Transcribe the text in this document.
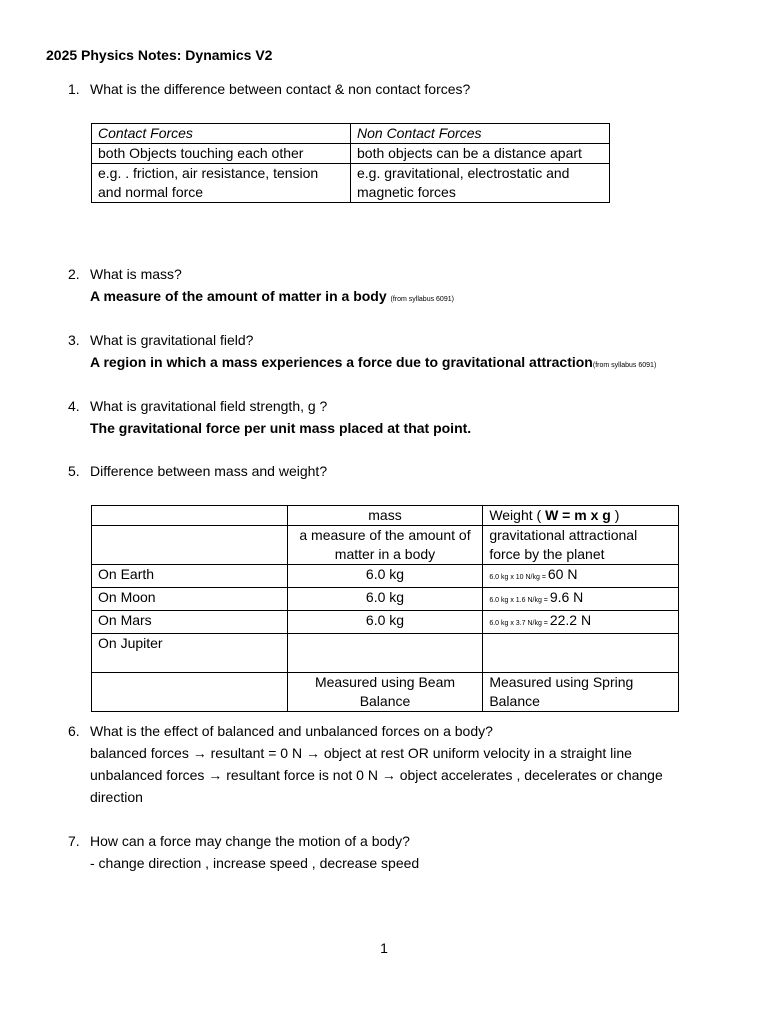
2025 Physics Notes: Dynamics V2
1. What is the difference between contact & non contact forces?
Contact Forces	Non Contact Forces
both Objects touching each other	both objects can be a distance apart
e.g. . friction, air resistance, tension and normal force	e.g. gravitational, electrostatic and magnetic forces
2. What is mass?
A measure of the amount of matter in a body (from syllabus 6091)
3. What is gravitational field?
A region in which a mass experiences a force due to gravitational attraction(from syllabus 6091)
4. What is gravitational field strength, g ?
The gravitational force per unit mass placed at that point.
5. Difference between mass and weight?
	mass	Weight ( W = m x g )
	a measure of the amount of matter in a body	gravitational attractional force by the planet
On Earth	6.0 kg	6.0 kg x 10 N/kg = 60 N
On Moon	6.0 kg	6.0 kg x 1.6 N/kg = 9.6 N
On Mars	6.0 kg	6.0 kg x 3.7 N/kg = 22.2 N
On Jupiter		
	Measured using Beam Balance	Measured using Spring Balance
6. What is the effect of balanced and unbalanced forces on a body?
balanced forces → resultant = 0 N → object at rest OR uniform velocity in a straight line
unbalanced forces → resultant force is not 0 N → object accelerates , decelerates or change direction
7. How can a force may change the motion of a body?
- change direction , increase speed , decrease speed
1
